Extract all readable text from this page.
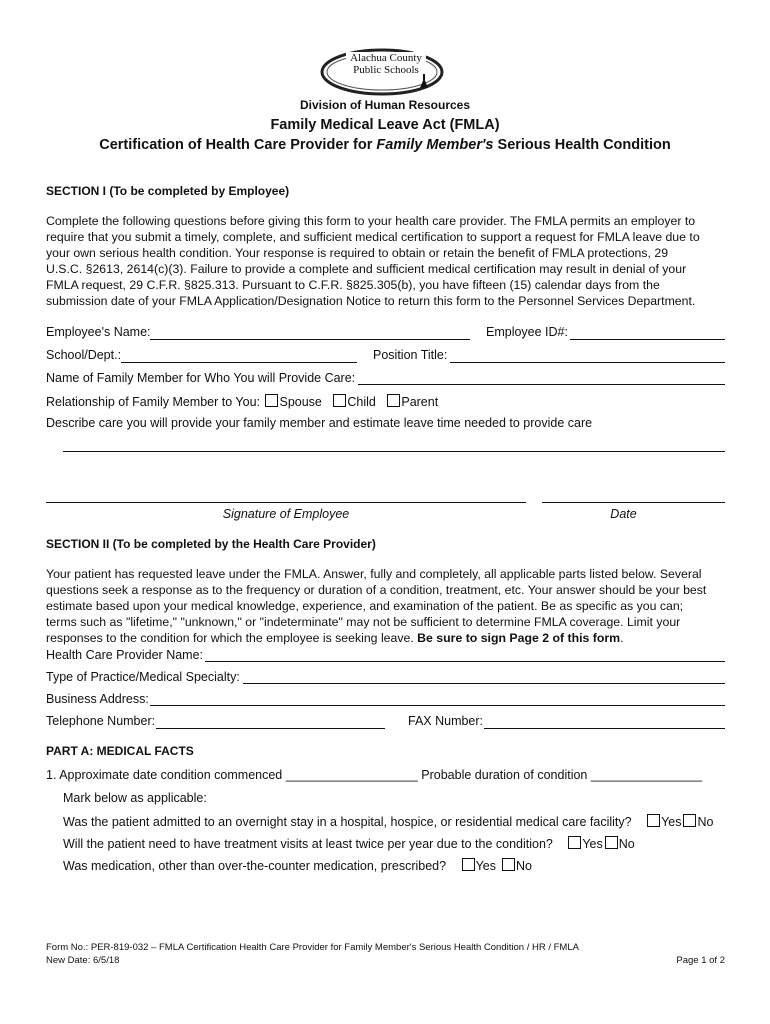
Alachua County
Public Schools
Division of Human Resources
Family Medical Leave Act (FMLA)
Certification of Health Care Provider for Family Member's Serious Health Condition
SECTION I (To be completed by Employee)

Complete the following questions before giving this form to your health care provider. The FMLA permits an employer to

require that you submit a timely, complete, and sufficient medical certification to support a request for FMLA leave due to

your own serious health condition. Your response is required to obtain or retain the benefit of FMLA protections, 29

U.S.C. §2613, 2614(c)(3). Failure to provide a complete and sufficient medical certification may result in denial of your

FMLA request, 29 C.F.R. §825.313. Pursuant to C.F.R. §825.305(b), you have fifteen (15) calendar days from the

submission date of your FMLA Application/Designation Notice to return this form to the Personnel Services Department.

Employee's Name:	Employee ID#:
School/Dept.:	Position Title:
Name of Family Member for Who You will Provide Care:
Relationship of Family Member to You: Spouse Child Parent
Describe care you will provide your family member and estimate leave time needed to provide care
Signature of Employee	Date
SECTION II (To be completed by the Health Care Provider)

Your patient has requested leave under the FMLA. Answer, fully and completely, all applicable parts listed below. Several

questions seek a response as to the frequency or duration of a condition, treatment, etc. Your answer should be your best

estimate based upon your medical knowledge, experience, and examination of the patient. Be as specific as you can;

terms such as "lifetime," "unknown," or "indeterminate" may not be sufficient to determine FMLA coverage. Limit your

responses to the condition for which the employee is seeking leave. Be sure to sign Page 2 of this form.

Health Care Provider Name:
Type of Practice/Medical Specialty:
Business Address:
Telephone Number:	FAX Number:
PART A: MEDICAL FACTS
1. Approximate date condition commenced ___________________ Probable duration of condition ________________
Mark below as applicable:
Was the patient admitted to an overnight stay in a hospital, hospice, or residential medical care facility? Yes No
Will the patient need to have treatment visits at least twice per year due to the condition? Yes No
Was medication, other than over-the-counter medication, prescribed? Yes No
Form No.: PER-819-032 – FMLA Certification Health Care Provider for Family Member's Serious Health Condition / HR / FMLA
New Date: 6/5/18	Page 1 of 2
